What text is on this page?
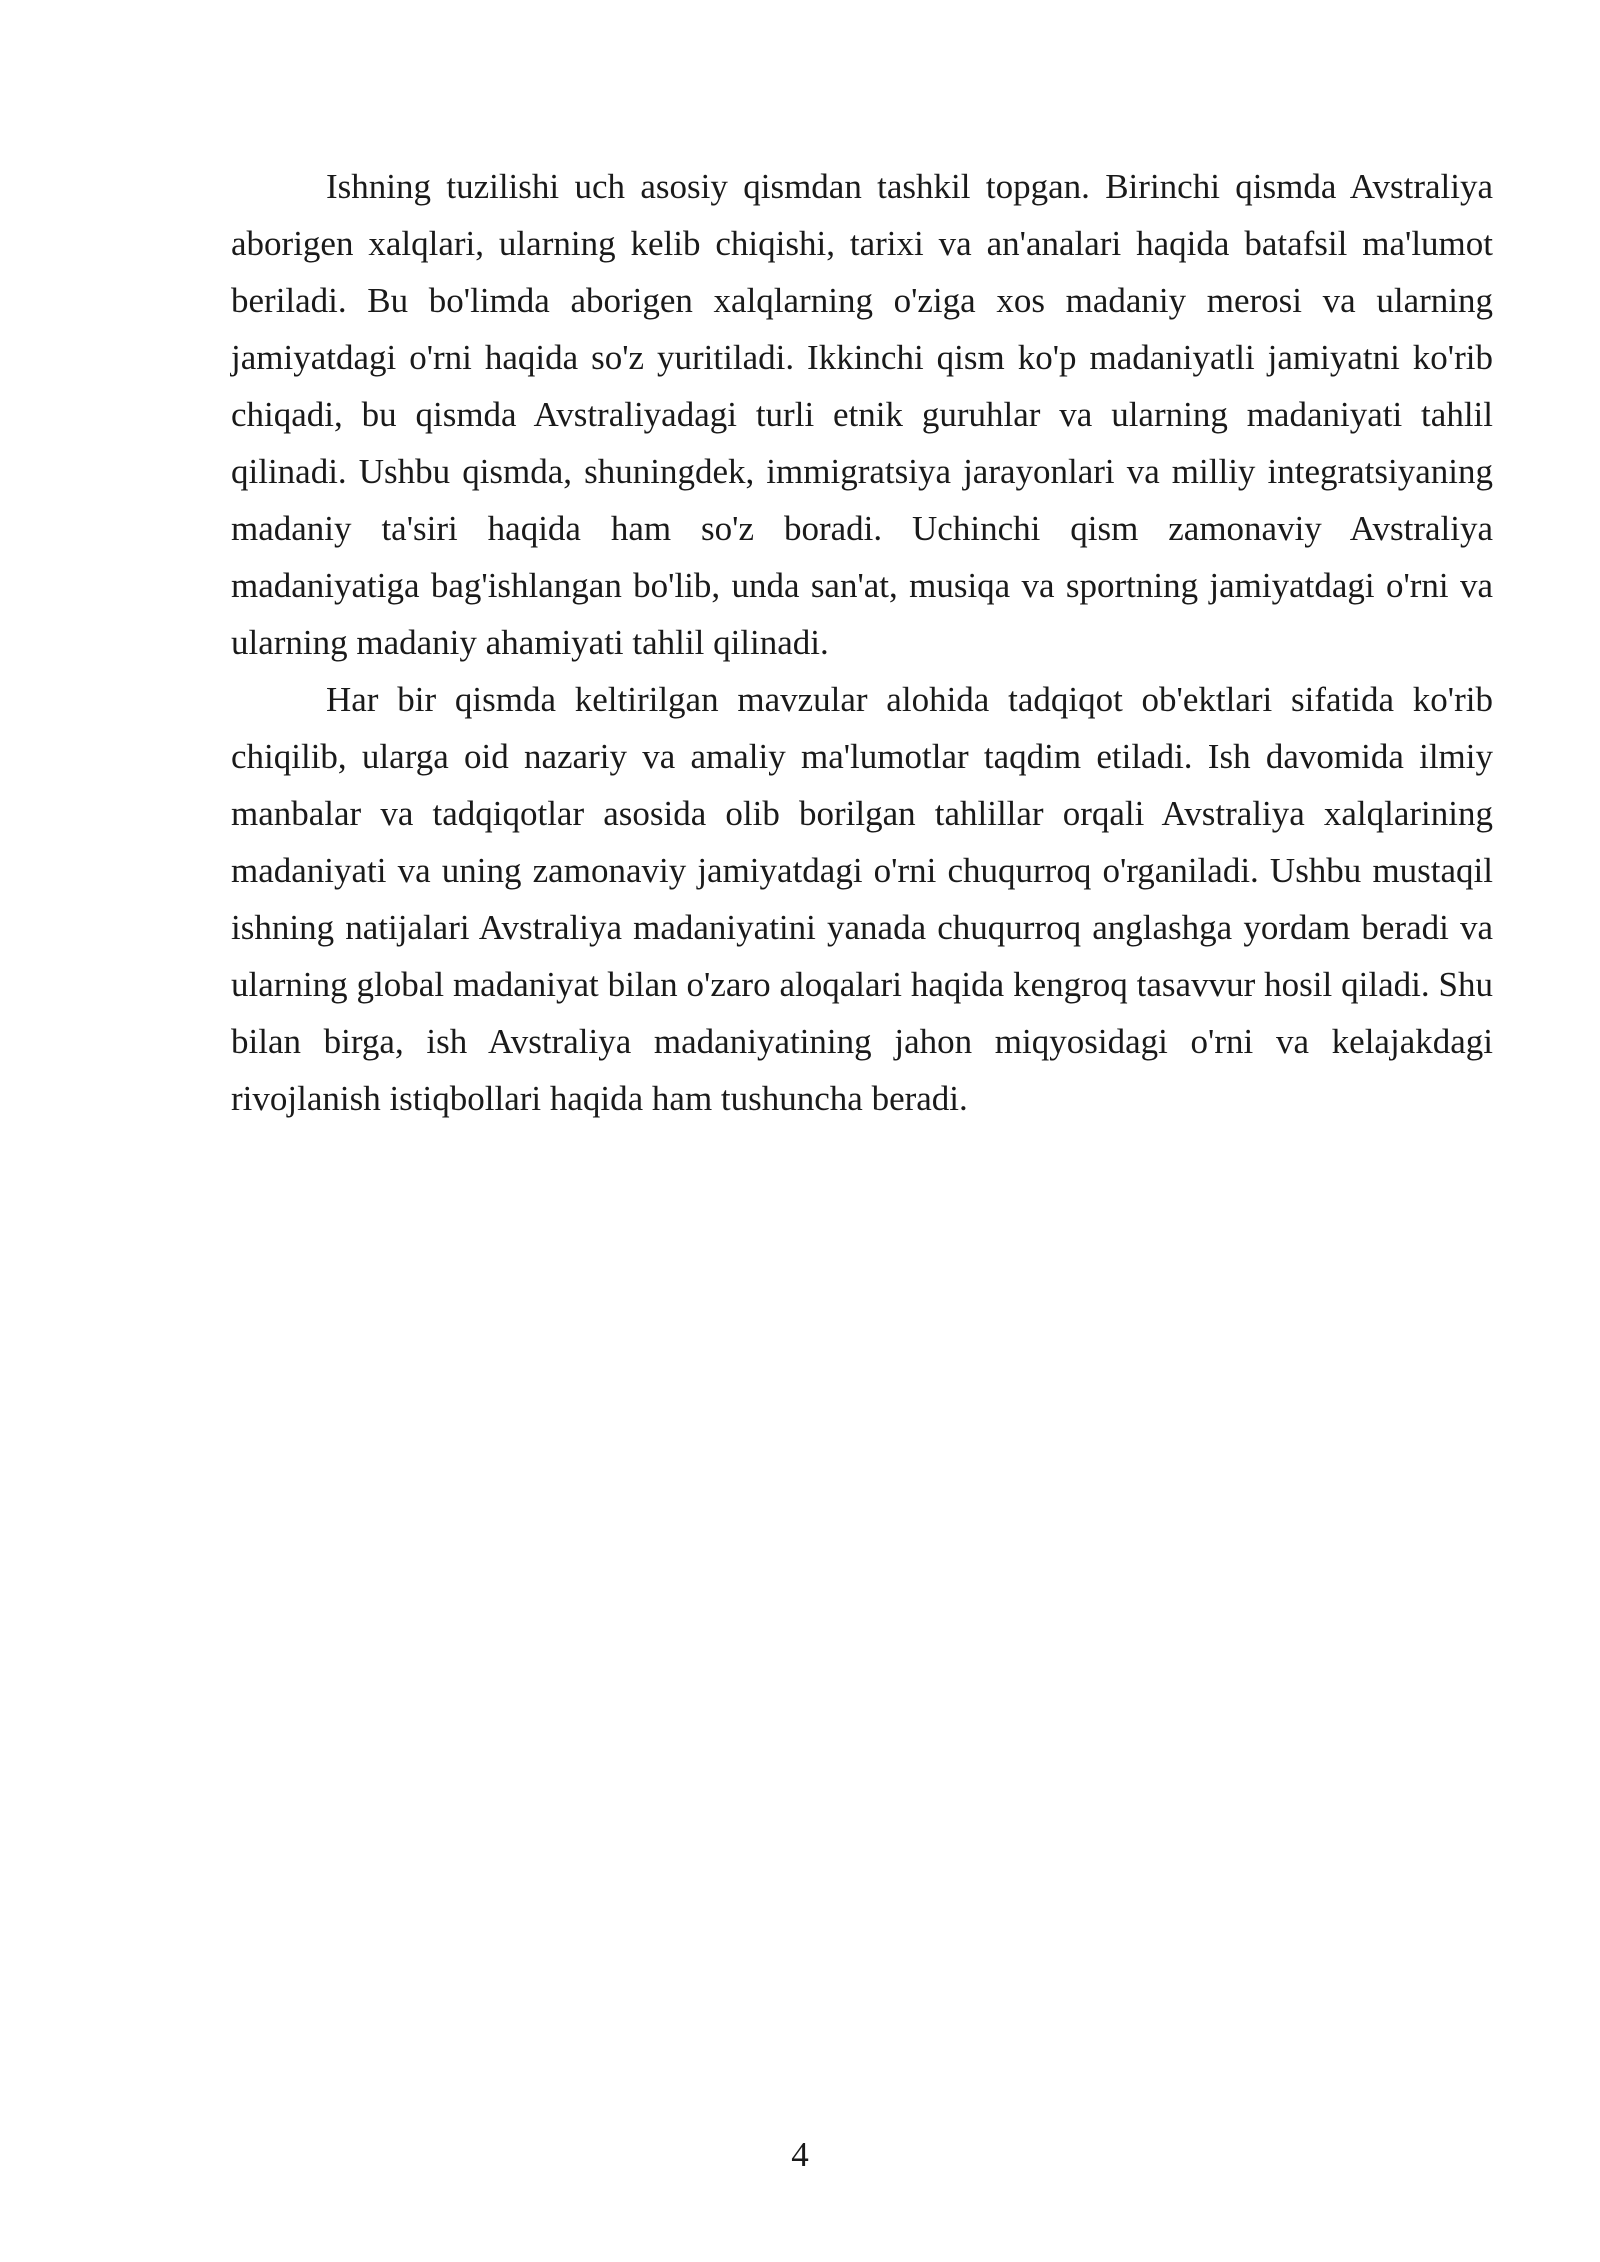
Ishning tuzilishi uch asosiy qismdan tashkil topgan. Birinchi qismda Avstraliya aborigen xalqlari, ularning kelib chiqishi, tarixi va an'analari haqida batafsil ma'lumot beriladi. Bu bo'limda aborigen xalqlarning o'ziga xos madaniy merosi va ularning jamiyatdagi o'rni haqida so'z yuritiladi. Ikkinchi qism ko'p madaniyatli jamiyatni ko'rib chiqadi, bu qismda Avstraliyadagi turli etnik guruhlar va ularning madaniyati tahlil qilinadi. Ushbu qismda, shuningdek, immigratsiya jarayonlari va milliy integratsiyaning madaniy ta'siri haqida ham so'z boradi. Uchinchi qism zamonaviy Avstraliya madaniyatiga bag'ishlangan bo'lib, unda san'at, musiqa va sportning jamiyatdagi o'rni va ularning madaniy ahamiyati tahlil qilinadi.

Har bir qismda keltirilgan mavzular alohida tadqiqot ob'ektlari sifatida ko'rib chiqilib, ularga oid nazariy va amaliy ma'lumotlar taqdim etiladi. Ish davomida ilmiy manbalar va tadqiqotlar asosida olib borilgan tahlillar orqali Avstraliya xalqlarining madaniyati va uning zamonaviy jamiyatdagi o'rni chuqurroq o'rganiladi. Ushbu mustaqil ishning natijalari Avstraliya madaniyatini yanada chuqurroq anglashga yordam beradi va ularning global madaniyat bilan o'zaro aloqalari haqida kengroq tasavvur hosil qiladi. Shu bilan birga, ish Avstraliya madaniyatining jahon miqyosidagi o'rni va kelajakdagi rivojlanish istiqbollari haqida ham tushuncha beradi.

4
